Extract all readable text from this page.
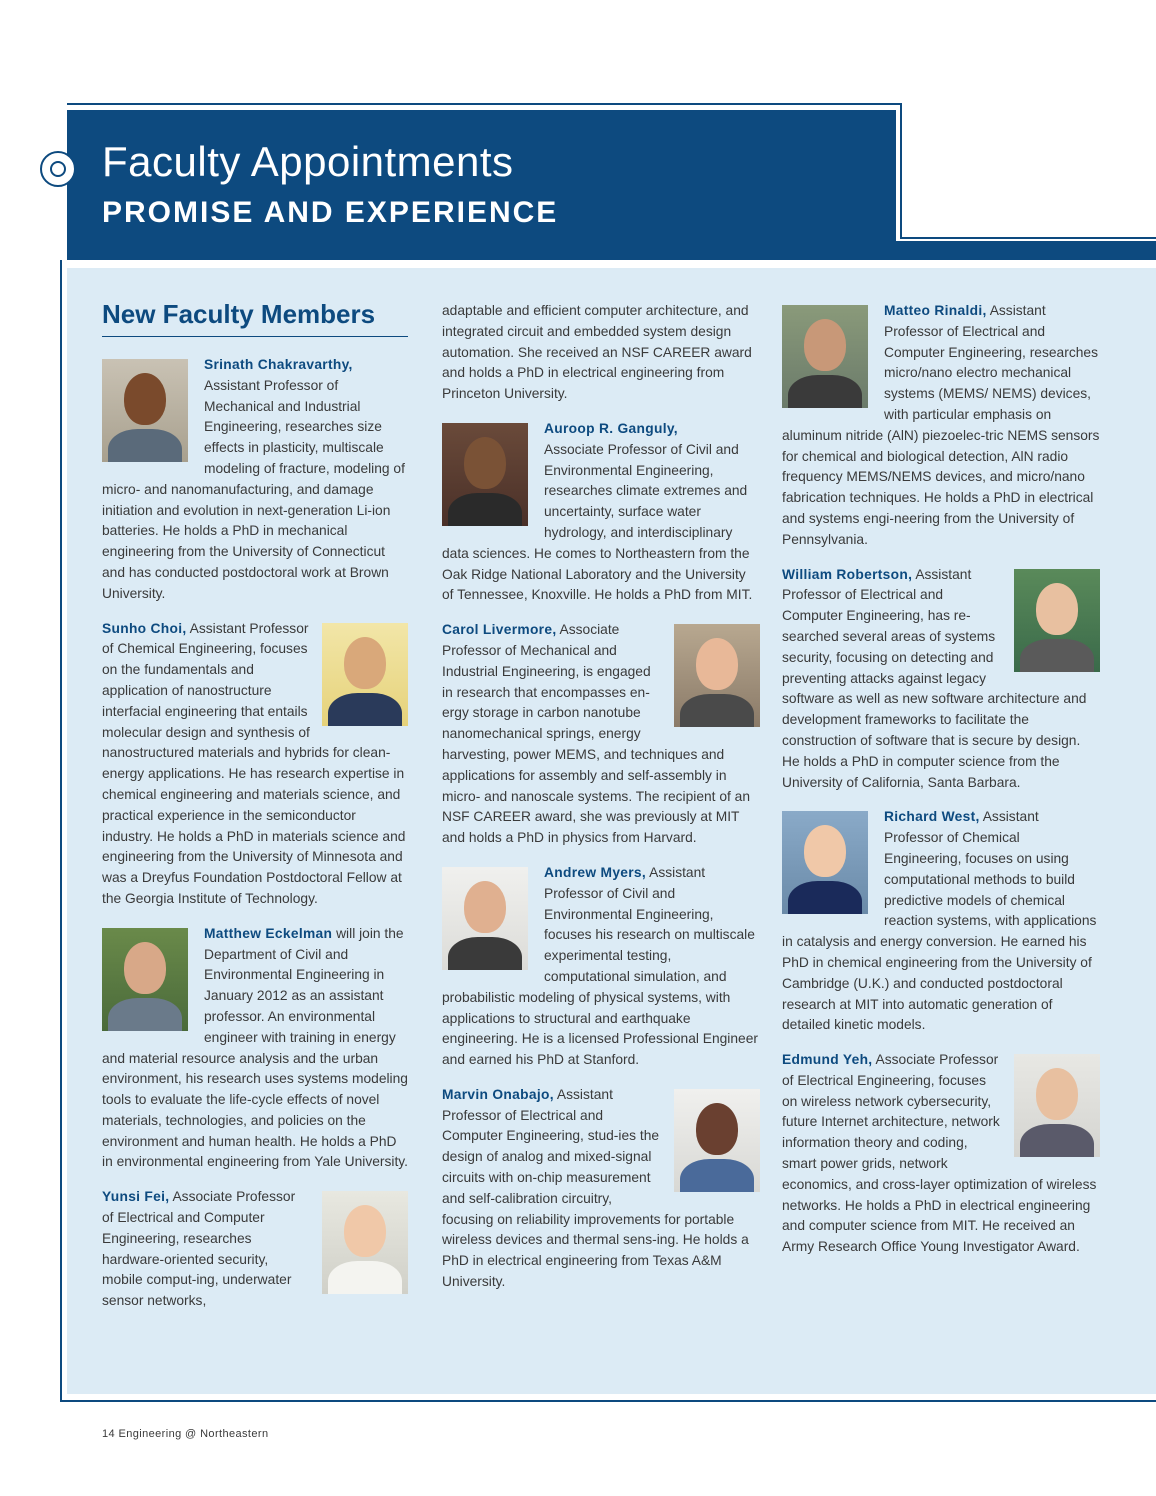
Faculty Appointments
PROMISE AND EXPERIENCE
New Faculty Members
Srinath Chakravarthy,
Assistant Professor of Mechanical and Industrial Engineering, researches size effects in plasticity, multiscale modeling of fracture, modeling of micro- and nanomanufacturing, and damage initiation and evolution in next-generation Li-ion batteries. He holds a PhD in mechanical engineering from the University of Connecticut and has conducted postdoctoral work at Brown University.
Sunho Choi, Assistant Professor of Chemical Engineering, focuses on the fundamentals and application of nanostructure interfacial engineering that entails molecular design and synthesis of nanostructured materials and hybrids for clean-energy applications. He has research expertise in chemical engineering and materials science, and practical experience in the semiconductor industry. He holds a PhD in materials science and engineering from the University of Minnesota and was a Dreyfus Foundation Postdoctoral Fellow at the Georgia Institute of Technology.
Matthew Eckelman will join the Department of Civil and Environmental Engineering in January 2012 as an assistant professor. An environmental engineer with training in energy and material resource analysis and the urban environment, his research uses systems modeling tools to evaluate the life-cycle effects of novel materials, technologies, and policies on the environment and human health. He holds a PhD in environmental engineering from Yale University.
Yunsi Fei, Associate Professor of Electrical and Computer Engineering, researches hardware-oriented security, mobile comput-ing, underwater sensor networks,
adaptable and efficient computer architecture, and integrated circuit and embedded system design automation. She received an NSF CAREER award and holds a PhD in electrical engineering from Princeton University.
Auroop R. Ganguly,
Associate Professor of Civil and Environmental Engineering, researches climate extremes and uncertainty, surface water hydrology, and interdisciplinary data sciences. He comes to Northeastern from the Oak Ridge National Laboratory and the University of Tennessee, Knoxville. He holds a PhD from MIT.
Carol Livermore, Associate Professor of Mechanical and Industrial Engineering, is engaged in research that encompasses en-ergy storage in carbon nanotube nanomechanical springs, energy harvesting, power MEMS, and techniques and applications for assembly and self-assembly in micro- and nanoscale systems. The recipient of an NSF CAREER award, she was previously at MIT and holds a PhD in physics from Harvard.
Andrew Myers, Assistant Professor of Civil and Environmental Engineering, focuses his research on multiscale experimental testing, computational simulation, and probabilistic modeling of physical systems, with applications to structural and earthquake engineering. He is a licensed Professional Engineer and earned his PhD at Stanford.
Marvin Onabajo, Assistant Professor of Electrical and Computer Engineering, stud-ies the design of analog and mixed-signal circuits with on-chip measurement and self-calibration circuitry, focusing on reliability improvements for portable wireless devices and thermal sens-ing. He holds a PhD in electrical engineering from Texas A&M University.
Matteo Rinaldi, Assistant Professor of Electrical and Computer Engineering, researches micro/nano electro mechanical systems (MEMS/ NEMS) devices, with particular emphasis on aluminum nitride (AlN) piezoelec-tric NEMS sensors for chemical and biological detection, AlN radio frequency MEMS/NEMS devices, and micro/nano fabrication techniques. He holds a PhD in electrical and systems engi-neering from the University of Pennsylvania.
William Robertson, Assistant Professor of Electrical and Computer Engineering, has re-searched several areas of systems security, focusing on detecting and preventing attacks against legacy software as well as new software architecture and development frameworks to facilitate the construction of software that is secure by design. He holds a PhD in computer science from the University of California, Santa Barbara.
Richard West, Assistant Professor of Chemical Engineering, focuses on using computational methods to build predictive models of chemical reaction systems, with applications in catalysis and energy conversion. He earned his PhD in chemical engineering from the University of Cambridge (U.K.) and conducted postdoctoral research at MIT into automatic generation of detailed kinetic models.
Edmund Yeh, Associate Professor of Electrical Engineering, focuses on wireless network cybersecurity, future Internet architecture, network information theory and coding, smart power grids, network economics, and cross-layer optimization of wireless networks. He holds a PhD in electrical engineering and computer science from MIT. He received an Army Research Office Young Investigator Award.
14 Engineering @ Northeastern
